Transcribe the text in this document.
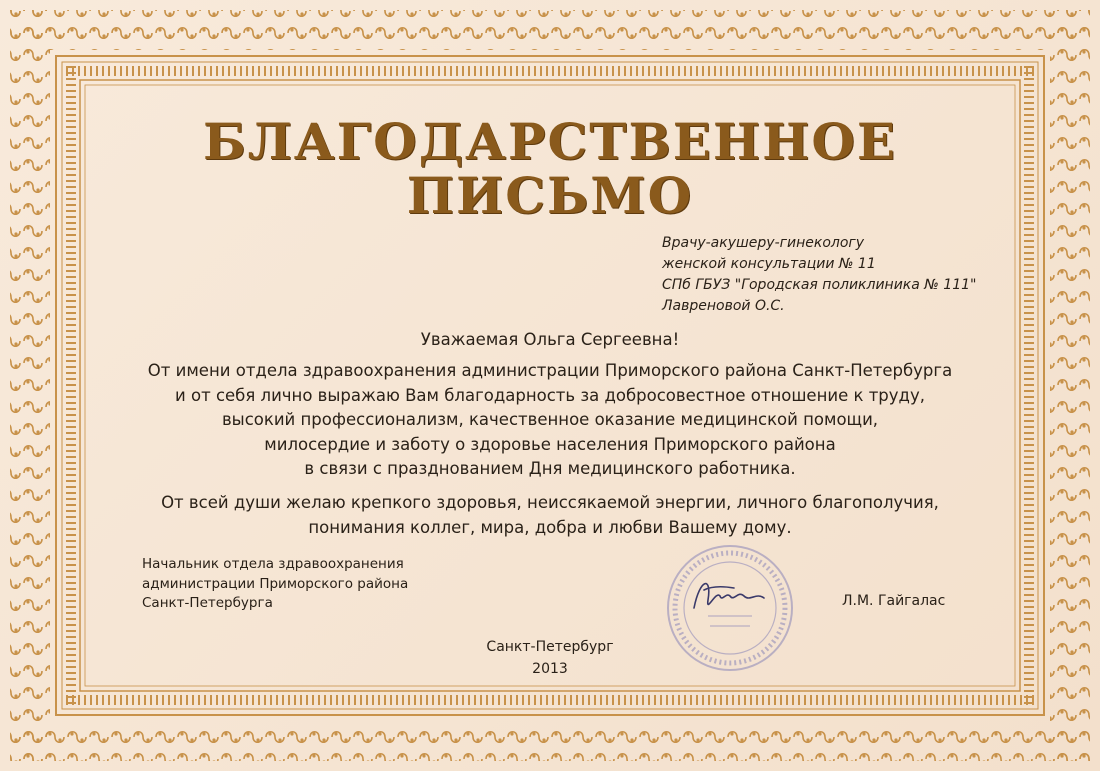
БЛАГОДАРСТВЕННОЕ
ПИСЬМО
Врачу-акушеру-гинекологу
женской консультации № 11
СПб ГБУЗ "Городская поликлиника № 111"
Лавреновой О.С.
Уважаемая Ольга Сергеевна!
От имени отдела здравоохранения администрации Приморского района Санкт-Петербурга
и от себя лично выражаю Вам благодарность за добросовестное отношение к труду,
высокий профессионализм, качественное оказание медицинской помощи,
милосердие и заботу о здоровье населения Приморского района
в связи с празднованием Дня медицинского работника.
От всей души желаю крепкого здоровья, неиссякаемой энергии, личного благополучия,
понимания коллег, мира, добра и любви Вашему дому.
Начальник отдела здравоохранения
администрации Приморского района
Санкт-Петербурга	Л.М. Гайгалас
Санкт-Петербург
2013
